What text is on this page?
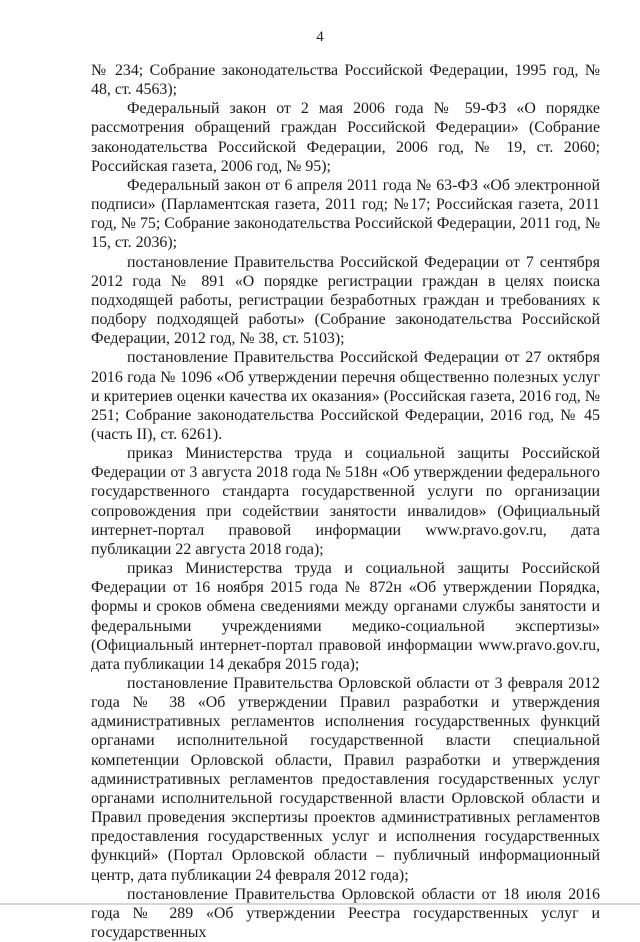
4

№ 234; Собрание законодательства Российской Федерации, 1995 год, № 48, ст. 4563);

Федеральный закон от 2 мая 2006 года № 59-ФЗ «О порядке рассмотрения обращений граждан Российской Федерации» (Собрание законодательства Российской Федерации, 2006 год, № 19, ст. 2060; Российская газета, 2006 год, № 95);

Федеральный закон от 6 апреля 2011 года № 63-ФЗ «Об электронной подписи» (Парламентская газета, 2011 год; №17; Российская газета, 2011 год, № 75; Собрание законодательства Российской Федерации, 2011 год, № 15, ст. 2036);

постановление Правительства Российской Федерации от 7 сентября 2012 года № 891 «О порядке регистрации граждан в целях поиска подходящей работы, регистрации безработных граждан и требованиях к подбору подходящей работы» (Собрание законодательства Российской Федерации, 2012 год, № 38, ст. 5103);

постановление Правительства Российской Федерации от 27 октября 2016 года № 1096 «Об утверждении перечня общественно полезных услуг и критериев оценки качества их оказания» (Российская газета, 2016 год, № 251; Собрание законодательства Российской Федерации, 2016 год, № 45 (часть II), ст. 6261).

приказ Министерства труда и социальной защиты Российской Федерации от 3 августа 2018 года № 518н «Об утверждении федерального государственного стандарта государственной услуги по организации сопровождения при содействии занятости инвалидов» (Официальный интернет-портал правовой информации www.pravo.gov.ru, дата публикации 22 августа 2018 года);

приказ Министерства труда и социальной защиты Российской Федерации от 16 ноября 2015 года № 872н «Об утверждении Порядка, формы и сроков обмена сведениями между органами службы занятости и федеральными учреждениями медико-социальной экспертизы» (Официальный интернет-портал правовой информации www.pravo.gov.ru, дата публикации 14 декабря 2015 года);

постановление Правительства Орловской области от 3 февраля 2012 года № 38 «Об утверждении Правил разработки и утверждения административных регламентов исполнения государственных функций органами исполнительной государственной власти специальной компетенции Орловской области, Правил разработки и утверждения административных регламентов предоставления государственных услуг органами исполнительной государственной власти Орловской области и Правил проведения экспертизы проектов административных регламентов предоставления государственных услуг и исполнения государственных функций» (Портал Орловской области – публичный информационный центр, дата публикации 24 февраля 2012 года);

постановление Правительства Орловской области от 18 июля 2016 года № 289 «Об утверждении Реестра государственных услуг и государственных
